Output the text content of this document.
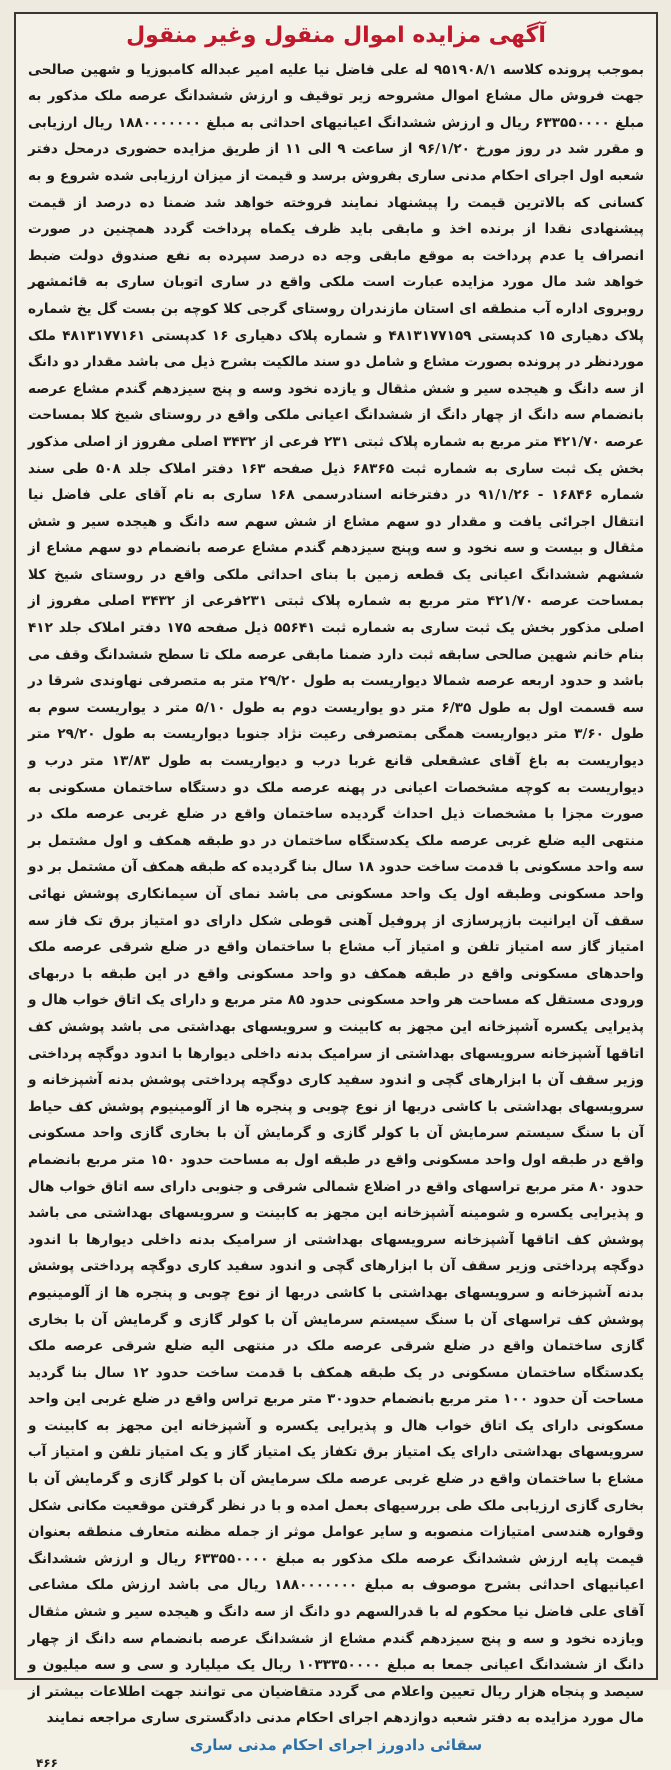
آگهی مزایده اموال منقول وغیر منقول

بموجب پرونده کلاسه ۹۵۱۹۰۸/۱ له علی فاضل نیا علیه امیر عبداله کامبوزیا و شهین صالحی جهت فروش مال مشاع اموال مشروحه زیر توقیف و ارزش ششدانگ عرصه ملک مذکور به مبلغ ۶۳۳۵۵۰۰۰۰ ریال و ارزش ششدانگ اعیانیهای احداثی به مبلغ ۱۸۸۰۰۰۰۰۰۰ ریال ارزیابی و مقرر شد در روز مورخ ۹۶/۱/۲۰ از ساعت ۹ الی ۱۱ از طریق مزایده حضوری درمحل دفتر شعبه اول اجرای احکام مدنی ساری بفروش برسد و قیمت از میزان ارزیابی شده شروع و به کسانی که بالاترین قیمت را پیشنهاد نمایند فروخته خواهد شد ضمنا ده درصد از قیمت پیشنهادی نقدا از برنده اخذ و مابقی باید ظرف یکماه پرداخت گردد همچنین در صورت انصراف یا عدم پرداخت به موقع مابقی وجه ده درصد سپرده به نفع صندوق دولت ضبط خواهد شد مال مورد مزایده عبارت است ملکی واقع در ساری اتوبان ساری به قائمشهر روبروی اداره آب منطقه ای استان مازندران روستای گرجی کلا کوچه بن بست گل یخ شماره پلاک دهیاری ۱۵ کدپستی ۴۸۱۳۱۷۷۱۵۹ و شماره پلاک دهیاری ۱۶ کدپستی ۴۸۱۳۱۷۷۱۶۱ ملک موردنظر در پرونده بصورت مشاع و شامل دو سند مالکیت بشرح ذیل می باشد مقدار دو دانگ از سه دانگ و هیجده سیر و شش مثقال و یازده نخود وسه و پنج سیزدهم گندم مشاع عرصه بانضمام سه دانگ از چهار دانگ از ششدانگ اعیانی ملکی واقع در روستای شیخ کلا بمساحت عرصه ۴۲۱/۷۰ متر مربع به شماره پلاک ثبتی ۲۳۱ فرعی از ۳۴۳۲ اصلی مفروز از اصلی مذکور بخش یک ثبت ساری به شماره ثبت ۶۸۳۶۵ ذیل صفحه ۱۶۳ دفتر املاک جلد ۵۰۸ طی سند شماره ۱۶۸۴۶ - ۹۱/۱/۲۶ در دفترخانه اسنادرسمی ۱۶۸ ساری به نام آقای علی فاضل نیا انتقال اجرائی یافت و مقدار دو سهم مشاع از شش سهم سه دانگ و هیجده سیر و شش مثقال و بیست و سه نخود و سه وپنج سیزدهم گندم مشاع عرصه بانضمام دو سهم مشاع از ششهم ششدانگ اعیانی یک قطعه زمین با بنای احداثی ملکی واقع در روستای شیخ کلا بمساحت عرصه ۴۲۱/۷۰ متر مربع به شماره پلاک ثبتی ۲۳۱فرعی از ۳۴۳۲ اصلی مفروز از اصلی مذکور بخش یک ثبت ساری به شماره ثبت ۵۵۶۴۱ ذیل صفحه ۱۷۵ دفتر املاک جلد ۴۱۲ بنام خانم شهین صالحی سابقه ثبت دارد ضمنا مابقی عرصه ملک تا سطح ششدانگ وقف می باشد و حدود اربعه عرصه شمالا دیواریست به طول ۲۹/۲۰ متر به متصرفی نهاوندی شرقا در سه قسمت اول به طول ۶/۳۵ متر دو یواریست دوم به طول ۵/۱۰ متر د یواریست سوم به طول ۳/۶۰ متر دیواریست همگی بمتصرفی رعیت نژاد جنوبا دیواریست به طول ۲۹/۲۰ متر دیواریست به باغ آقای عشقعلی قانع غربا درب و دیواریست به طول ۱۳/۸۳ متر درب و دیواریست به کوچه مشخصات اعیانی در پهنه عرصه ملک دو دستگاه ساختمان مسکونی به صورت مجزا با مشخصات ذیل احداث گردیده ساختمان واقع در ضلع غربی عرصه ملک در منتهی الیه ضلع غربی عرصه ملک یکدستگاه ساختمان در دو طبقه همکف و اول مشتمل بر سه واحد مسکونی با قدمت ساخت حدود ۱۸ سال بنا گردیده که طبقه همکف آن مشتمل بر دو واحد مسکونی وطبقه اول یک واحد مسکونی می باشد نمای آن سیمانکاری پوشش نهائی سقف آن ایرانیت بازپرسازی از پروفیل آهنی قوطی شکل دارای دو امتیاز برق تک فاز سه امتیاز گاز سه امتیاز تلفن و امتیاز آب مشاع با ساختمان واقع در ضلع شرقی عرصه ملک واحدهای مسکونی واقع در طبقه همکف دو واحد مسکونی واقع در این طبقه با دربهای ورودی مستقل که مساحت هر واحد مسکونی حدود ۸۵ متر مربع و دارای یک اتاق خواب هال و پذیرایی یکسره آشپزخانه این مجهز به کابینت و سرویسهای بهداشتی می باشد پوشش کف اتاقها آشپزخانه سرویسهای بهداشتی از سرامیک بدنه داخلی دیوارها با اندود دوگچه پرداختی وزیر سقف آن با ابزارهای گچی و اندود سفید کاری دوگچه پرداختی پوشش بدنه آشپزخانه و سرویسهای بهداشتی با کاشی دربها از نوع چوبی و پنجره ها از آلومینیوم پوشش کف حیاط آن با سنگ سیستم سرمایش آن با کولر گازی و گرمایش آن با بخاری گازی واحد مسکونی واقع در طبقه اول واحد مسکونی واقع در طبقه اول به مساحت حدود ۱۵۰ متر مربع بانضمام حدود ۸۰ متر مربع تراسهای واقع در اضلاع شمالی شرقی و جنوبی دارای سه اتاق خواب هال و پذیرایی یکسره و شومینه آشپزخانه این مجهز به کابینت و سرویسهای بهداشتی می باشد پوشش کف اتاقها آشپزخانه سرویسهای بهداشتی از سرامیک بدنه داخلی دیوارها با اندود دوگچه پرداختی وزیر سقف آن با ابزارهای گچی و اندود سفید کاری دوگچه پرداختی پوشش بدنه آشپزخانه و سرویسهای بهداشتی با کاشی دربها از نوع چوبی و پنجره ها از آلومینیوم پوشش کف تراسهای آن با سنگ سیستم سرمایش آن با کولر گازی و گرمایش آن با بخاری گازی ساختمان واقع در ضلع شرقی عرصه ملک در منتهی الیه ضلع شرقی عرصه ملک یکدستگاه ساختمان مسکونی در یک طبقه همکف با قدمت ساخت حدود ۱۲ سال بنا گردید مساحت آن حدود ۱۰۰ متر مربع بانضمام حدود۳۰ متر مربع تراس واقع در ضلع غربی این واحد مسکونی دارای یک اتاق خواب هال و پذیرایی یکسره و آشپزخانه این مجهز به کابینت و سرویسهای بهداشتی دارای یک امتیاز برق تکفاز یک امتیاز گاز و یک امتیاز تلفن و امتیاز آب مشاع با ساختمان واقع در ضلع غربی عرصه ملک سرمایش آن با کولر گازی و گرمایش آن با بخاری گازی ارزیابی ملک طی بررسیهای بعمل امده و با در نظر گرفتن موقعیت مکانی شکل وقواره هندسی امتیازات منصوبه و سایر عوامل موثر از جمله مظنه متعارف منطقه بعنوان قیمت پایه ارزش ششدانگ عرصه ملک مذکور به مبلغ ۶۳۳۵۵۰۰۰۰ ریال و ارزش ششدانگ اعیانیهای احداثی بشرح موصوف به مبلغ ۱۸۸۰۰۰۰۰۰۰ ریال می باشد ارزش ملک مشاعی آقای علی فاضل نیا محکوم له با قدرالسهم دو دانگ از سه دانگ و هیجده سیر و شش مثقال ویازده نخود و سه و پنج سیزدهم گندم مشاع از ششدانگ عرصه بانضمام سه دانگ از چهار دانگ از ششدانگ اعیانی جمعا به مبلغ ۱۰۳۳۳۵۰۰۰۰ ریال یک میلیارد و سی و سه میلیون و سیصد و پنجاه هزار ریال تعیین واعلام می گردد متقاضیان می توانند جهت اطلاعات بیشتر از مال مورد مزایده به دفتر شعبه دوازدهم اجرای احکام مدنی دادگستری ساری مراجعه نمایند

سقائی دادورز اجرای احکام مدنی ساری
۴۶۶
